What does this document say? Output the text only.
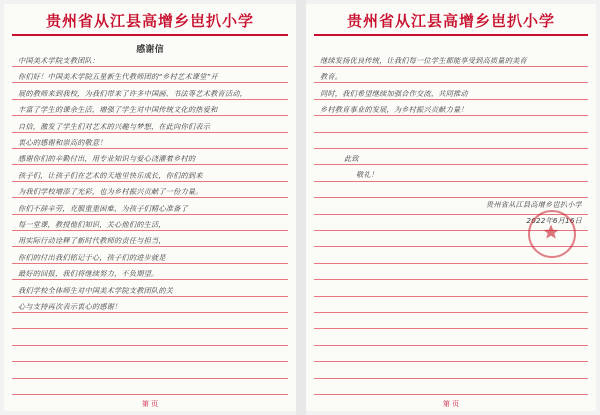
贵州省从江县高增乡岜扒小学
感谢信
中国美术学院支教团队：
你们好！中国美术学院五星新生代教师团的“乡村艺术课堂”开
展的教师来到我校，为我们带来了许多中国画、书法等艺术教育活动，
丰富了学生的课余生活，增强了学生对中国传统文化的热爱和
自信，激发了学生们对艺术的兴趣与梦想，在此向你们表示
衷心的感谢和崇高的敬意！
感谢你们的辛勤付出，用专业知识与爱心浇灌着乡村的
孩子们，让孩子们在艺术的天地里快乐成长，你们的到来
为我们学校增添了光彩，也为乡村振兴贡献了一份力量。
你们不辞辛劳，克服重重困难，为孩子们精心准备了
每一堂课，教授他们知识，关心他们的生活，
用实际行动诠释了新时代教师的责任与担当，
你们的付出我们铭记于心，孩子们的进步就是
最好的回报，我们将继续努力，不负期望。
我们学校全体师生对中国美术学院支教团队的关
心与支持再次表示衷心的感谢！
第 页
贵州省从江县高增乡岜扒小学
继续发扬优良传统，让我们每一位学生都能享受到高质量的美育
教育。
同时，我们希望继续加强合作交流，共同推动
乡村教育事业的发展，为乡村振兴贡献力量！
此致
敬礼！
贵州省从江县高增乡岜扒小学
2022年6月16日
第 页
